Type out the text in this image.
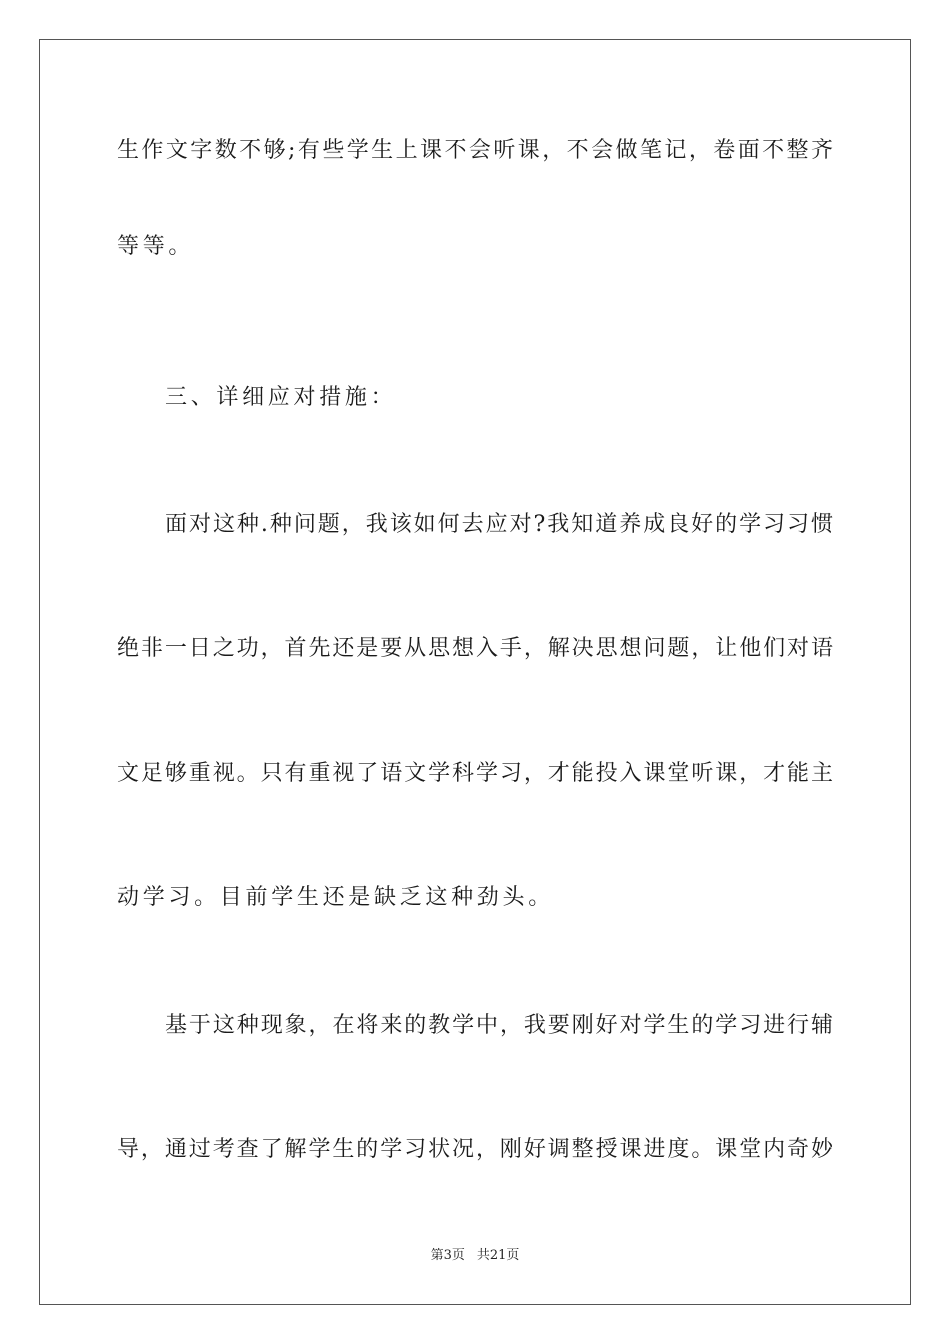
生作文字数不够;有些学生上课不会听课，不会做笔记，卷面不整齐
等等。
三、详细应对措施：
面对这种.种问题，我该如何去应对?我知道养成良好的学习习惯
绝非一日之功，首先还是要从思想入手，解决思想问题，让他们对语
文足够重视。只有重视了语文学科学习，才能投入课堂听课，才能主
动学习。目前学生还是缺乏这种劲头。
基于这种现象，在将来的教学中，我要刚好对学生的学习进行辅
导，通过考查了解学生的学习状况，刚好调整授课进度。课堂内奇妙
第3页 共21页
